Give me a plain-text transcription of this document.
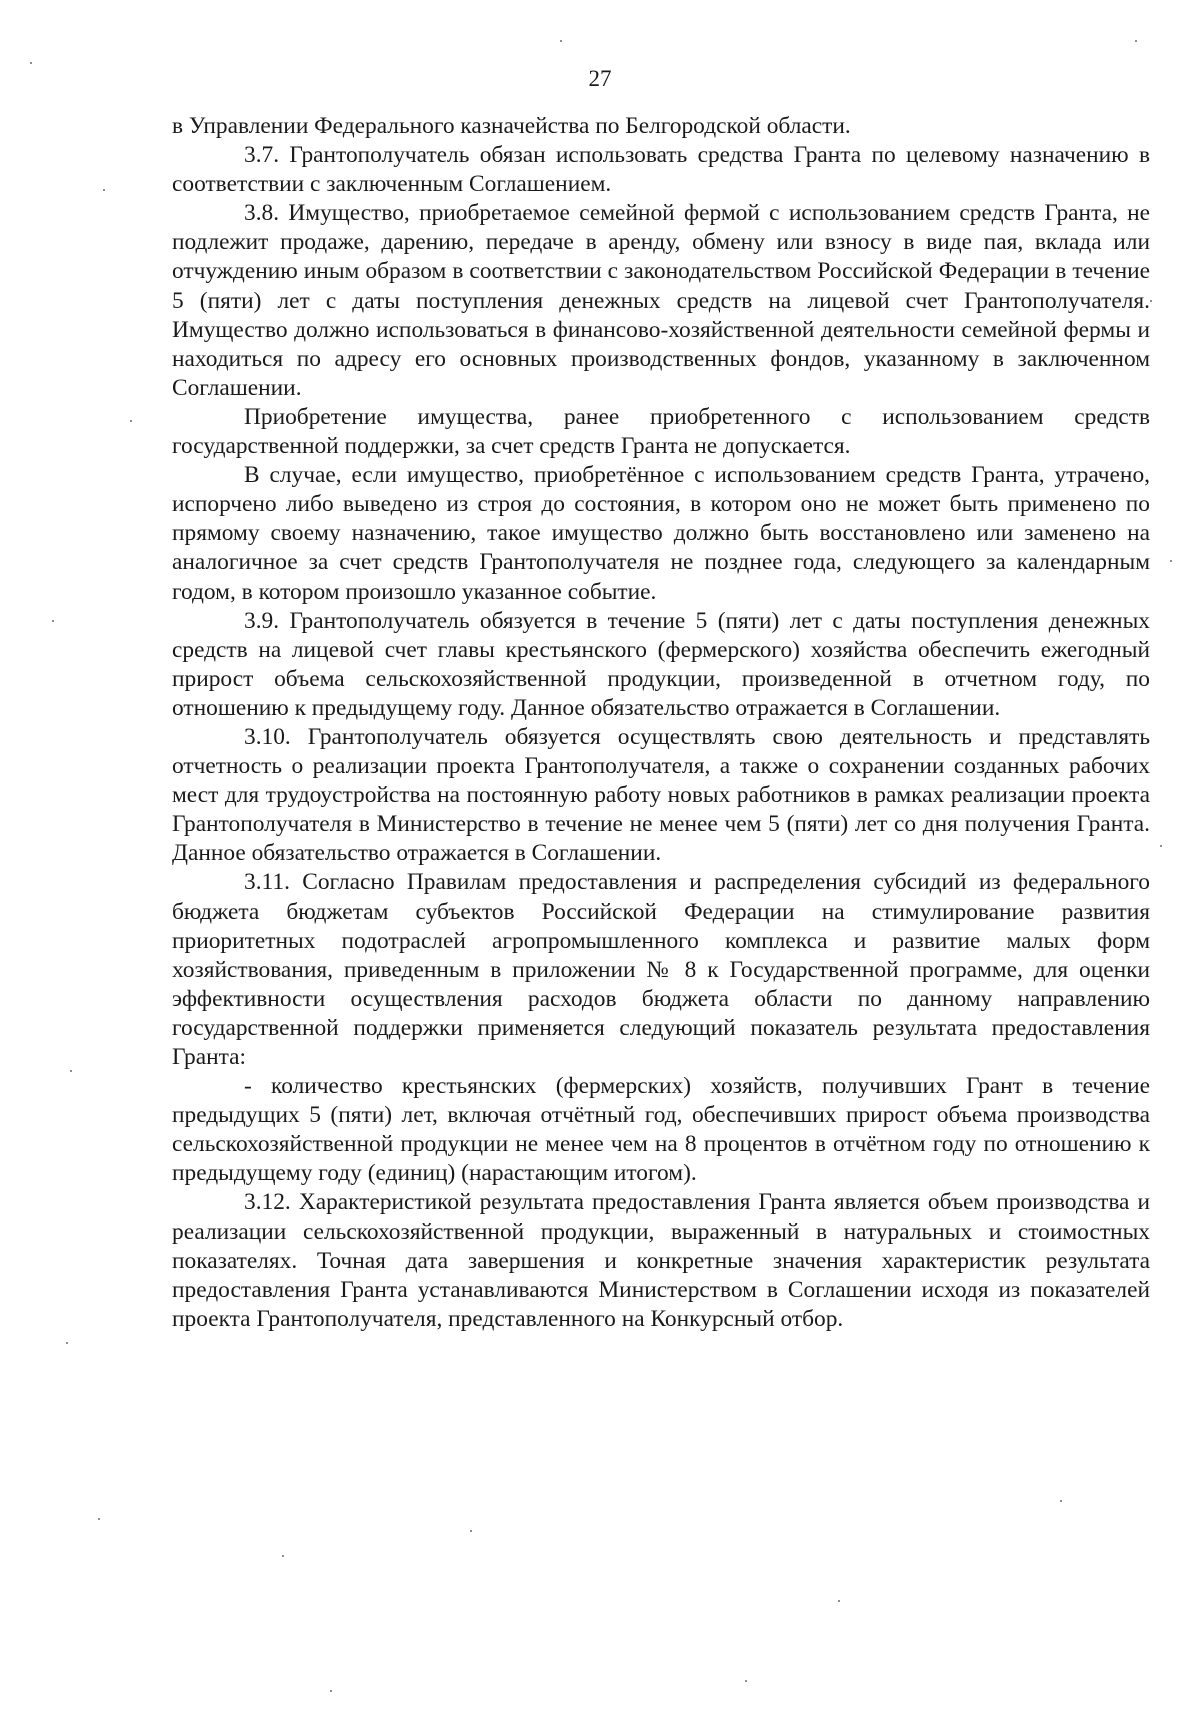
27

в Управлении Федерального казначейства по Белгородской области.

3.7. Грантополучатель обязан использовать средства Гранта по целевому назначению в соответствии с заключенным Соглашением.

3.8. Имущество, приобретаемое семейной фермой с использованием средств Гранта, не подлежит продаже, дарению, передаче в аренду, обмену или взносу в виде пая, вклада или отчуждению иным образом в соответствии с законодательством Российской Федерации в течение 5 (пяти) лет с даты поступления денежных средств на лицевой счет Грантополучателя. Имущество должно использоваться в финансово-хозяйственной деятельности семейной фермы и находиться по адресу его основных производственных фондов, указанному в заключенном Соглашении.

Приобретение имущества, ранее приобретенного с использованием средств государственной поддержки, за счет средств Гранта не допускается.

В случае, если имущество, приобретённое с использованием средств Гранта, утрачено, испорчено либо выведено из строя до состояния, в котором оно не может быть применено по прямому своему назначению, такое имущество должно быть восстановлено или заменено на аналогичное за счет средств Грантополучателя не позднее года, следующего за календарным годом, в котором произошло указанное событие.

3.9. Грантополучатель обязуется в течение 5 (пяти) лет с даты поступления денежных средств на лицевой счет главы крестьянского (фермерского) хозяйства обеспечить ежегодный прирост объема сельскохозяйственной продукции, произведенной в отчетном году, по отношению к предыдущему году. Данное обязательство отражается в Соглашении.

3.10. Грантополучатель обязуется осуществлять свою деятельность и представлять отчетность о реализации проекта Грантополучателя, а также о сохранении созданных рабочих мест для трудоустройства на постоянную работу новых работников в рамках реализации проекта Грантополучателя в Министерство в течение не менее чем 5 (пяти) лет со дня получения Гранта. Данное обязательство отражается в Соглашении.

3.11. Согласно Правилам предоставления и распределения субсидий из федерального бюджета бюджетам субъектов Российской Федерации на стимулирование развития приоритетных подотраслей агропромышленного комплекса и развитие малых форм хозяйствования, приведенным в приложении № 8 к Государственной программе, для оценки эффективности осуществления расходов бюджета области по данному направлению государственной поддержки применяется следующий показатель результата предоставления Гранта:

- количество крестьянских (фермерских) хозяйств, получивших Грант в течение предыдущих 5 (пяти) лет, включая отчётный год, обеспечивших прирост объема производства сельскохозяйственной продукции не менее чем на 8 процентов в отчётном году по отношению к предыдущему году (единиц) (нарастающим итогом).

3.12. Характеристикой результата предоставления Гранта является объем производства и реализации сельскохозяйственной продукции, выраженный в натуральных и стоимостных показателях. Точная дата завершения и конкретные значения характеристик результата предоставления Гранта устанавливаются Министерством в Соглашении исходя из показателей проекта Грантополучателя, представленного на Конкурсный отбор.
